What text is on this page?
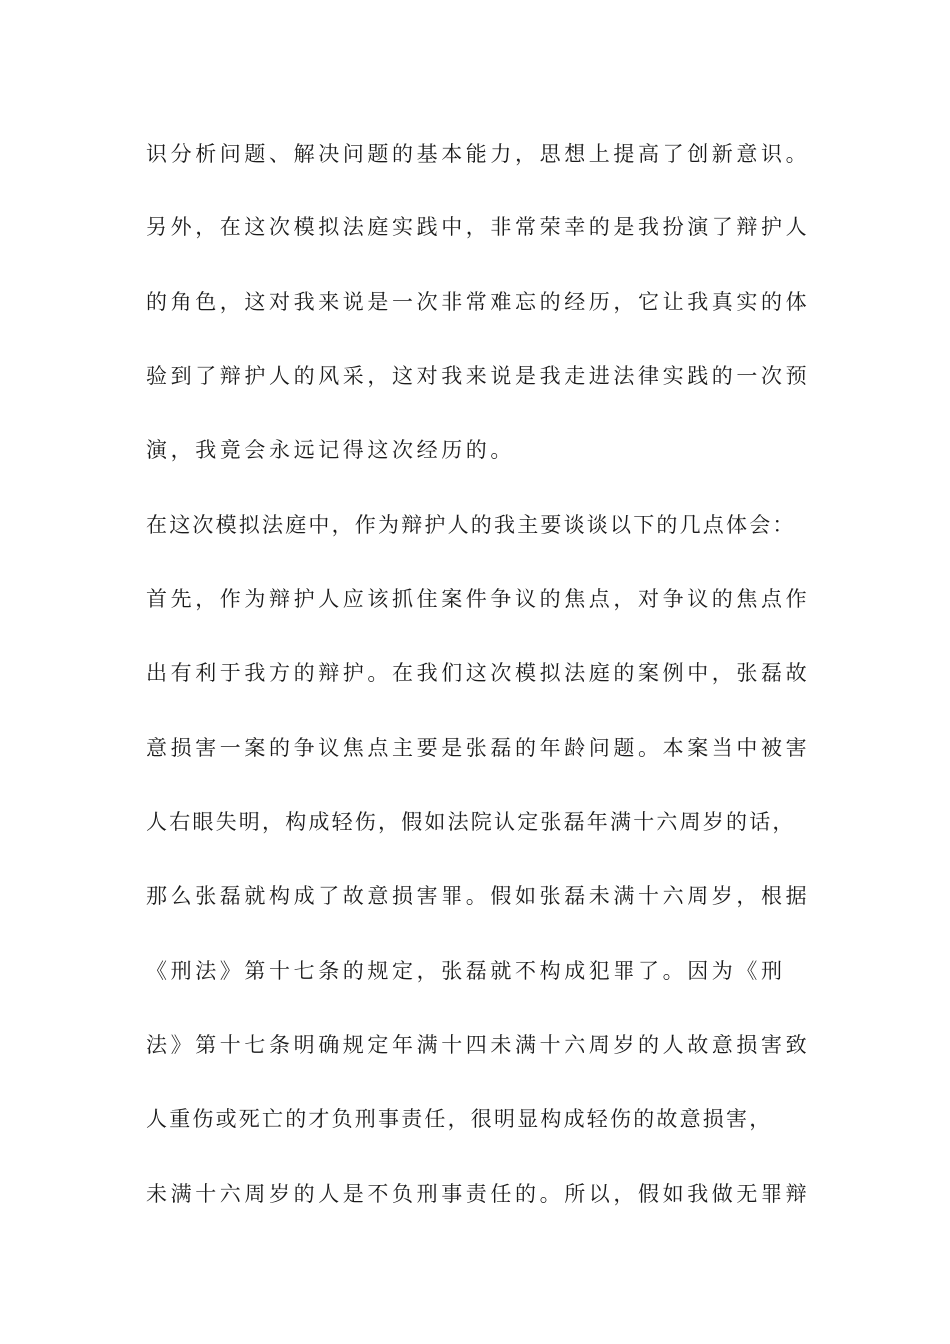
识分析问题、解决问题的基本能力，思想上提高了创新意识。

另外，在这次模拟法庭实践中，非常荣幸的是我扮演了辩护人

的角色，这对我来说是一次非常难忘的经历，它让我真实的体

验到了辩护人的风采，这对我来说是我走进法律实践的一次预

演，我竟会永远记得这次经历的。

在这次模拟法庭中，作为辩护人的我主要谈谈以下的几点体会：

首先，作为辩护人应该抓住案件争议的焦点，对争议的焦点作

出有利于我方的辩护。在我们这次模拟法庭的案例中，张磊故

意损害一案的争议焦点主要是张磊的年龄问题。本案当中被害

人右眼失明，构成轻伤，假如法院认定张磊年满十六周岁的话，

那么张磊就构成了故意损害罪。假如张磊未满十六周岁，根据

《刑法》第十七条的规定，张磊就不构成犯罪了。因为《刑

法》第十七条明确规定年满十四未满十六周岁的人故意损害致

人重伤或死亡的才负刑事责任，很明显构成轻伤的故意损害，

未满十六周岁的人是不负刑事责任的。所以，假如我做无罪辩
